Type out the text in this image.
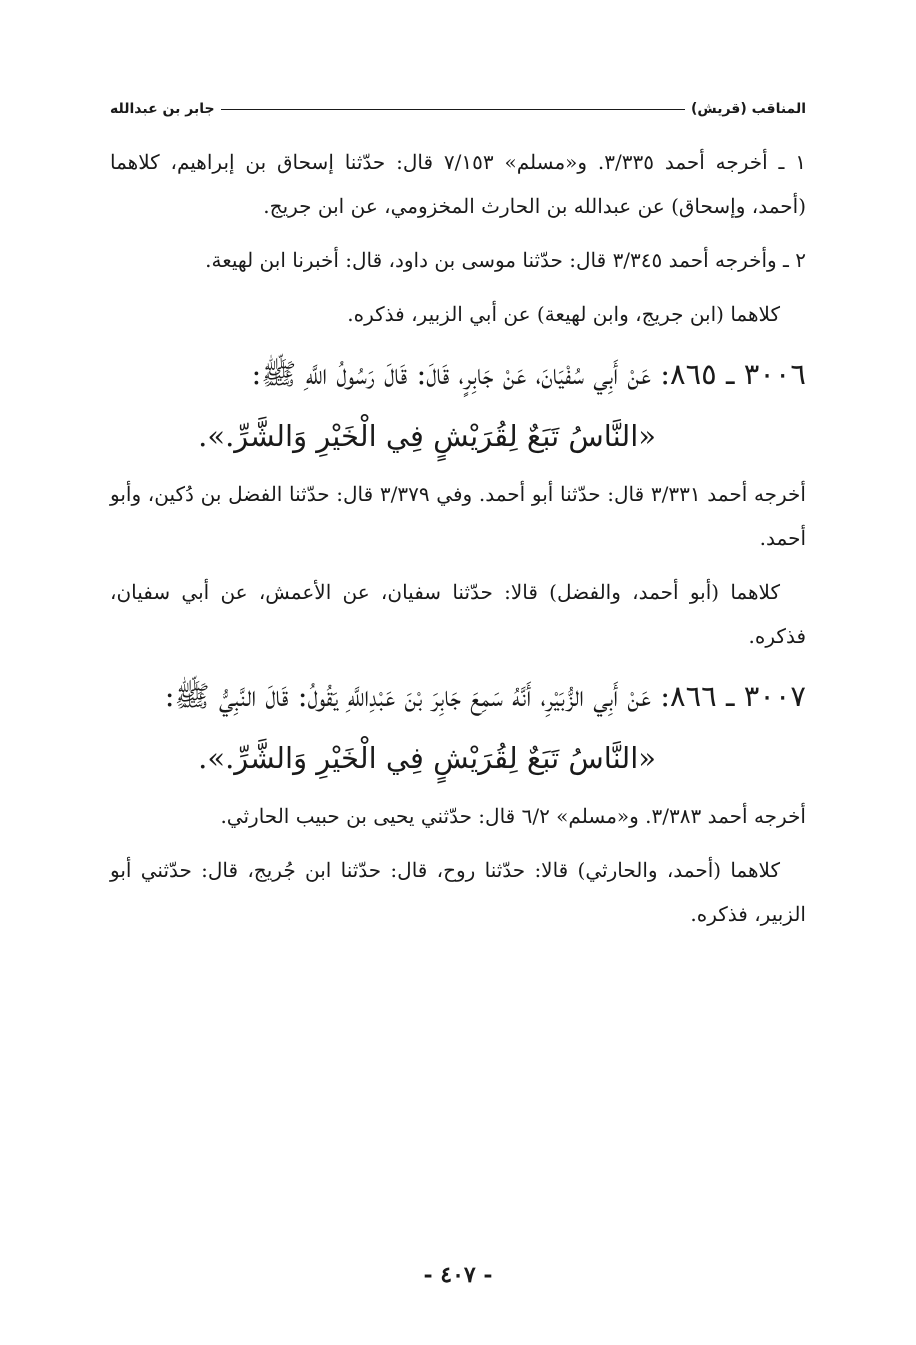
المناقب (قريش)
جابر بن عبدالله

١ ـ أخرجه أحمد ٣/٣٣٥. و«مسلم» ٧/١٥٣ قال: حدّثنا إسحاق بن إبراهيم، كلاهما (أحمد، وإسحاق) عن عبدالله بن الحارث المخزومي، عن ابن جريج.

٢ ـ وأخرجه أحمد ٣/٣٤٥ قال: حدّثنا موسى بن داود، قال: أخبرنا ابن لهيعة.

كلاهما (ابن جريج، وابن لهيعة) عن أبي الزبير، فذكره.

٣٠٠٦ ـ ٨٦٥: عَنْ أَبِي سُفْيَانَ، عَنْ جَابِرٍ، قَالَ: قَالَ رَسُولُ اللَّهِ ﷺ:

«النَّاسُ تَبَعٌ لِقُرَيْشٍ فِي الْخَيْرِ وَالشَّرِّ.».

أخرجه أحمد ٣/٣٣١ قال: حدّثنا أبو أحمد. وفي ٣/٣٧٩ قال: حدّثنا الفضل بن دُكين، وأبو أحمد.

كلاهما (أبو أحمد، والفضل) قالا: حدّثنا سفيان، عن الأعمش، عن أبي سفيان، فذكره.

٣٠٠٧ ـ ٨٦٦: عَنْ أَبِي الزُّبَيْرِ، أَنَّهُ سَمِعَ جَابِرَ بْنَ عَبْدِاللَّهِ يَقُولُ: قَالَ النَّبِيُّ ﷺ:

«النَّاسُ تَبَعٌ لِقُرَيْشٍ فِي الْخَيْرِ وَالشَّرِّ.».

أخرجه أحمد ٣/٣٨٣. و«مسلم» ٦/٢ قال: حدّثني يحيى بن حبيب الحارثي.

كلاهما (أحمد، والحارثي) قالا: حدّثنا روح، قال: حدّثنا ابن جُريج، قال: حدّثني أبو الزبير، فذكره.

- ٤٠٧ -
